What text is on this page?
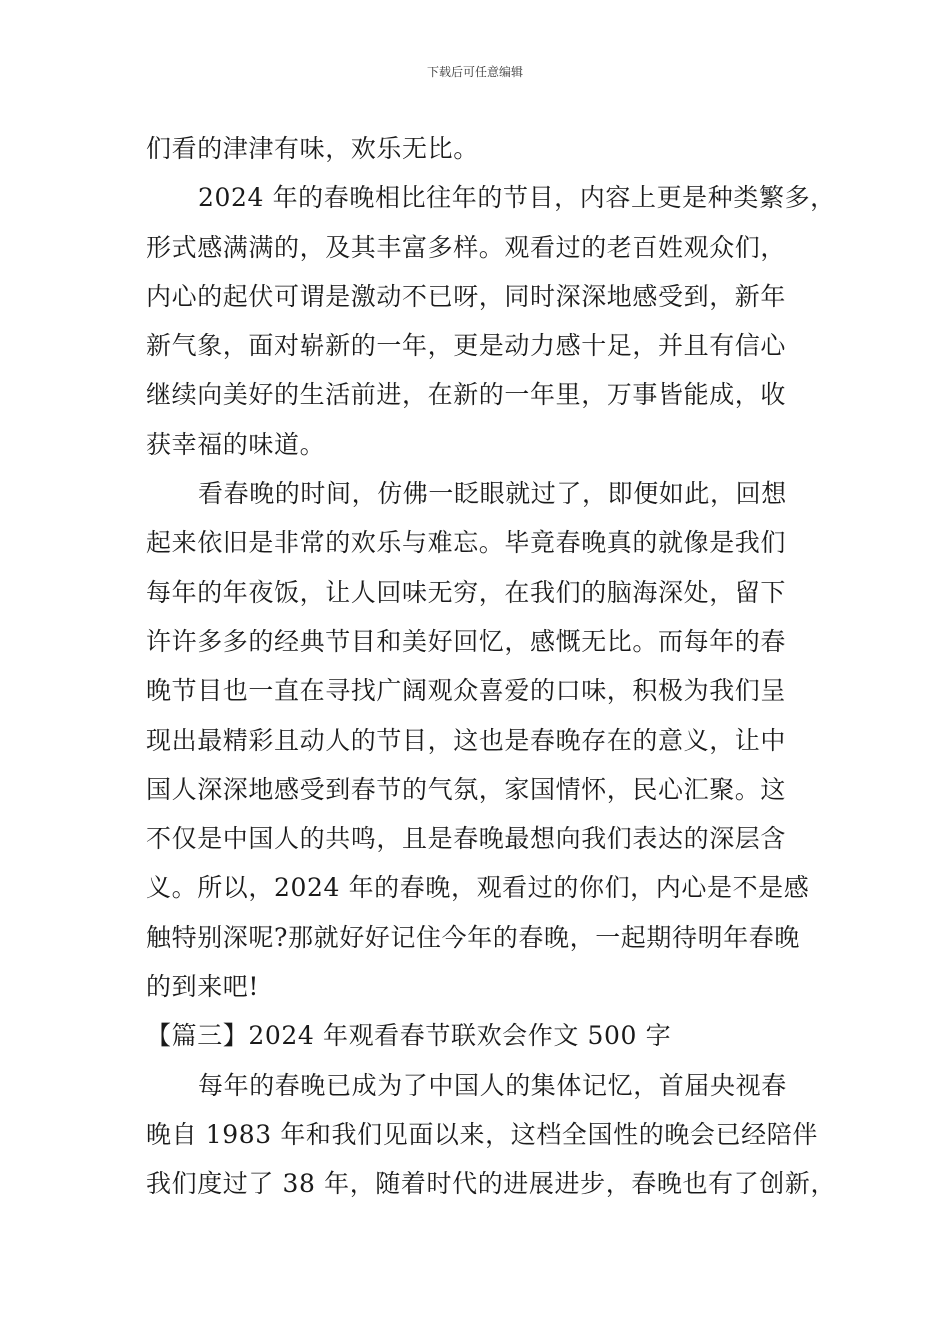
下载后可任意编辑

们看的津津有味，欢乐无比。

2024 年的春晚相比往年的节目，内容上更是种类繁多，

形式感满满的，及其丰富多样。观看过的老百姓观众们，

内心的起伏可谓是激动不已呀，同时深深地感受到，新年

新气象，面对崭新的一年，更是动力感十足，并且有信心

继续向美好的生活前进，在新的一年里，万事皆能成，收

获幸福的味道。

看春晚的时间，仿佛一眨眼就过了，即便如此，回想

起来依旧是非常的欢乐与难忘。毕竟春晚真的就像是我们

每年的年夜饭，让人回味无穷，在我们的脑海深处，留下

许许多多的经典节目和美好回忆，感慨无比。而每年的春

晚节目也一直在寻找广阔观众喜爱的口味，积极为我们呈

现出最精彩且动人的节目，这也是春晚存在的意义，让中

国人深深地感受到春节的气氛，家国情怀，民心汇聚。这

不仅是中国人的共鸣，且是春晚最想向我们表达的深层含

义。所以，2024 年的春晚，观看过的你们，内心是不是感

触特别深呢?那就好好记住今年的春晚，一起期待明年春晚

的到来吧!

【篇三】2024 年观看春节联欢会作文 500 字

每年的春晚已成为了中国人的集体记忆，首届央视春

晚自 1983 年和我们见面以来，这档全国性的晚会已经陪伴

我们度过了 38 年，随着时代的进展进步，春晚也有了创新，
